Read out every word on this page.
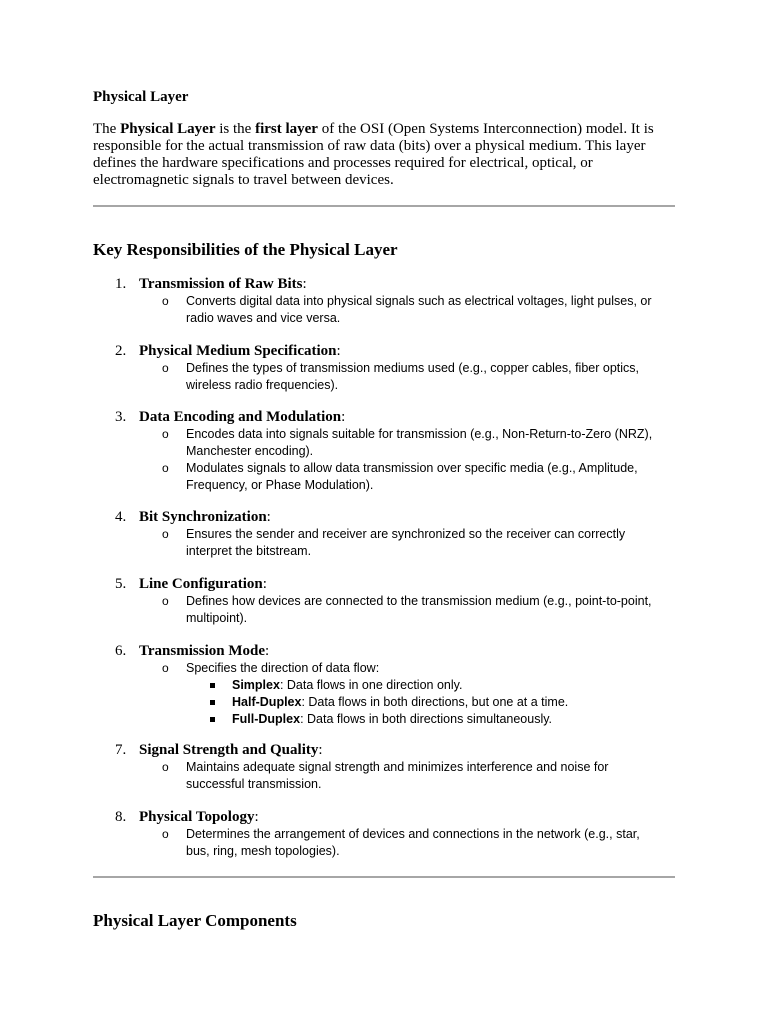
Physical Layer
The Physical Layer is the first layer of the OSI (Open Systems Interconnection) model. It is responsible for the actual transmission of raw data (bits) over a physical medium. This layer defines the hardware specifications and processes required for electrical, optical, or electromagnetic signals to travel between devices.
Key Responsibilities of the Physical Layer
1. Transmission of Raw Bits:
o Converts digital data into physical signals such as electrical voltages, light pulses, or radio waves and vice versa.
2. Physical Medium Specification:
o Defines the types of transmission mediums used (e.g., copper cables, fiber optics, wireless radio frequencies).
3. Data Encoding and Modulation:
o Encodes data into signals suitable for transmission (e.g., Non-Return-to-Zero (NRZ), Manchester encoding).
o Modulates signals to allow data transmission over specific media (e.g., Amplitude, Frequency, or Phase Modulation).
4. Bit Synchronization:
o Ensures the sender and receiver are synchronized so the receiver can correctly interpret the bitstream.
5. Line Configuration:
o Defines how devices are connected to the transmission medium (e.g., point-to-point, multipoint).
6. Transmission Mode:
o Specifies the direction of data flow:
Simplex: Data flows in one direction only.
Half-Duplex: Data flows in both directions, but one at a time.
Full-Duplex: Data flows in both directions simultaneously.
7. Signal Strength and Quality:
o Maintains adequate signal strength and minimizes interference and noise for successful transmission.
8. Physical Topology:
o Determines the arrangement of devices and connections in the network (e.g., star, bus, ring, mesh topologies).
Physical Layer Components
